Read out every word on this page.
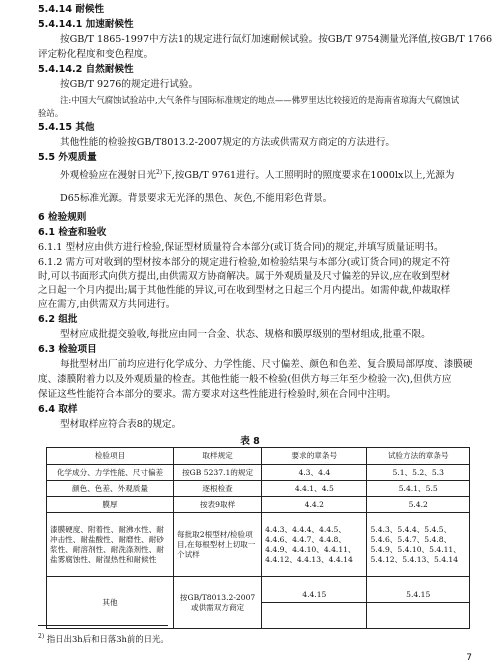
5.4.14 耐候性
5.4.14.1 加速耐候性
按GB/T 1865-1997中方法1的规定进行氙灯加速耐候试验。按GB/T 9754测量光泽值,按GB/T 1766
评定粉化程度和变色程度。
5.4.14.2 自然耐候性
按GB/T 9276的规定进行试验。
注:中国大气腐蚀试验站中,大气条件与国际标准规定的地点——佛罗里达比较接近的是海南省琼海大气腐蚀试
验站。
5.4.15 其他
其他性能的检验按GB/T8013.2-2007规定的方法或供需双方商定的方法进行。
5.5 外观质量
外观检验应在漫射日光$^{2)}$下,按GB/T 9761进行。人工照明时的照度要求在1000lx以上,光源为
D65标准光源。背景要求无光泽的黑色、灰色,不能用彩色背景。
6 检验规则
6.1 检查和验收
6.1.1 型材应由供方进行检验,保证型材质量符合本部分(或订货合同)的规定,并填写质量证明书。
6.1.2 需方可对收到的型材按本部分的规定进行检验,如检验结果与本部分(或订货合同)的规定不符
时,可以书面形式向供方提出,由供需双方协商解决。属于外观质量及尺寸偏差的异议,应在收到型材
之日起一个月内提出;属于其他性能的异议,可在收到型材之日起三个月内提出。如需仲裁,仲裁取样
应在需方,由供需双方共同进行。
6.2 组批
型材应成批提交验收,每批应由同一合金、状态、规格和膜厚级别的型材组成,批重不限。
6.3 检验项目
每批型材出厂前均应进行化学成分、力学性能、尺寸偏差、颜色和色差、复合膜局部厚度、漆膜硬
度、漆膜附着力以及外观质量的检查。其他性能一般不检验(但供方每三年至少检验一次),但供方应
保证这些性能符合本部分的要求。需方要求对这些性能进行检验时,须在合同中注明。
6.4 取样
型材取样应符合表8的规定。
表 8
检验项目	取样规定	要求的章条号	试验方法的章条号
化学成分、力学性能、尺寸偏差	按GB 5237.1的规定	4.3、4.4	5.1、5.2、5.3
颜色、色差、外观质量	逐根检查	4.4.1、4.5	5.4.1、5.5
膜厚	按表9取样	4.4.2	5.4.2
漆膜硬度、附着性、耐沸水性、耐冲击性、耐盐酸性、耐磨性、耐砂浆性、耐溶剂性、耐洗涤剂性、耐盐雾腐蚀性、耐湿热性和耐候性	每批取2根型材/检验项目,在每根型材上切取一个试样	4.4.3、4.4.4、4.4.5、4.4.6、4.4.7、4.4.8、4.4.9、4.4.10、4.4.11、4.4.12、4.4.13、4.4.14	5.4.3、5.4.4、5.4.5、5.4.6、5.4.7、5.4.8、5.4.9、5.4.10、5.4.11、5.4.12、5.4.13、5.4.14
其他	按GB/T8013.2-2007或供需双方商定	4.4.15	5.4.15
$^{2)}$ 指日出3h后和日落3h前的日光。
7
